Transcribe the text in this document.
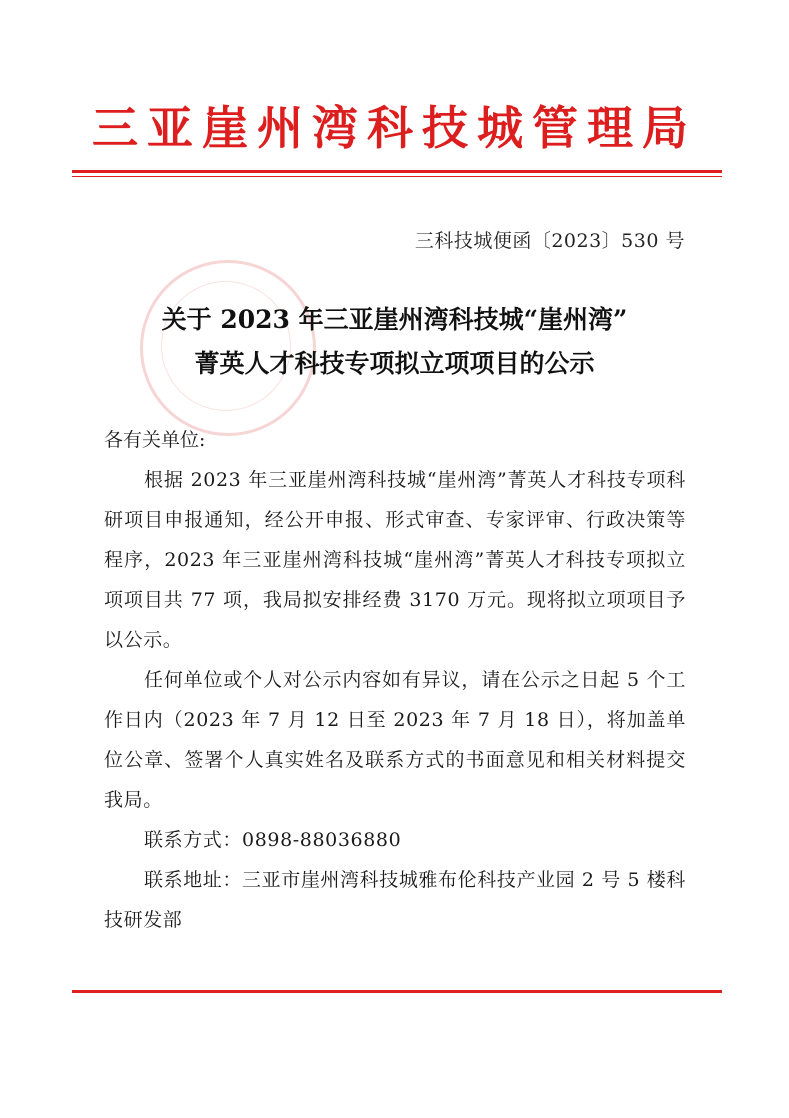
三亚崖州湾科技城管理局
三科技城便函〔2023〕530 号
关于 2023 年三亚崖州湾科技城“崖州湾”
菁英人才科技专项拟立项项目的公示
各有关单位:
根据 2023 年三亚崖州湾科技城“崖州湾”菁英人才科技专项科研项目申报通知，经公开申报、形式审查、专家评审、行政决策等程序，2023 年三亚崖州湾科技城“崖州湾”菁英人才科技专项拟立项项目共 77 项，我局拟安排经费 3170 万元。现将拟立项项目予以公示。
任何单位或个人对公示内容如有异议，请在公示之日起 5 个工作日内（2023 年 7 月 12 日至 2023 年 7 月 18 日），将加盖单位公章、签署个人真实姓名及联系方式的书面意见和相关材料提交我局。
联系方式：0898-88036880
联系地址：三亚市崖州湾科技城雅布伦科技产业园 2 号 5 楼科技研发部
